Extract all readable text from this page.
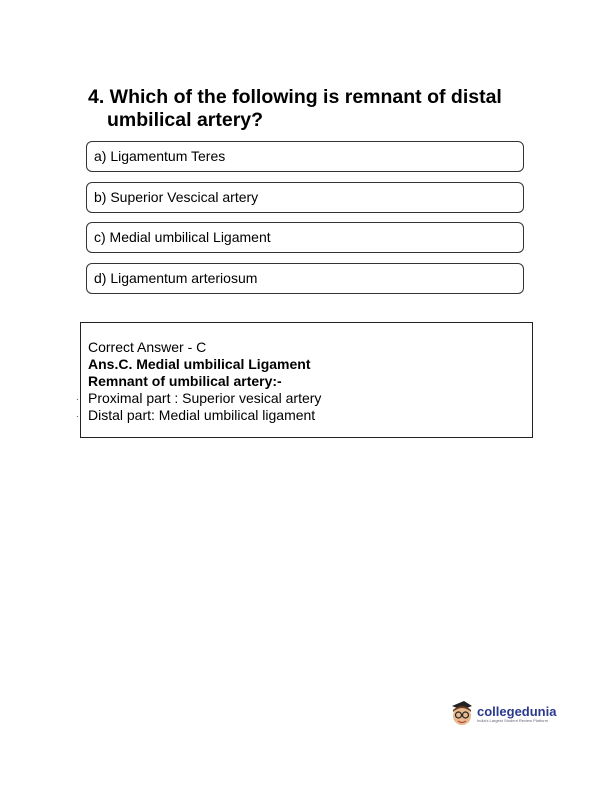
4. Which of the following is remnant of distal
umbilical artery?
a) Ligamentum Teres
b) Superior Vescical artery
c) Medial umbilical Ligament
d) Ligamentum arteriosum
Correct Answer - C
Ans.C. Medial umbilical Ligament
Remnant of umbilical artery:-
Proximal part : Superior vesical artery
Distal part: Medial umbilical ligament
.
.
collegedunia
India's Largest Student Review Platform
